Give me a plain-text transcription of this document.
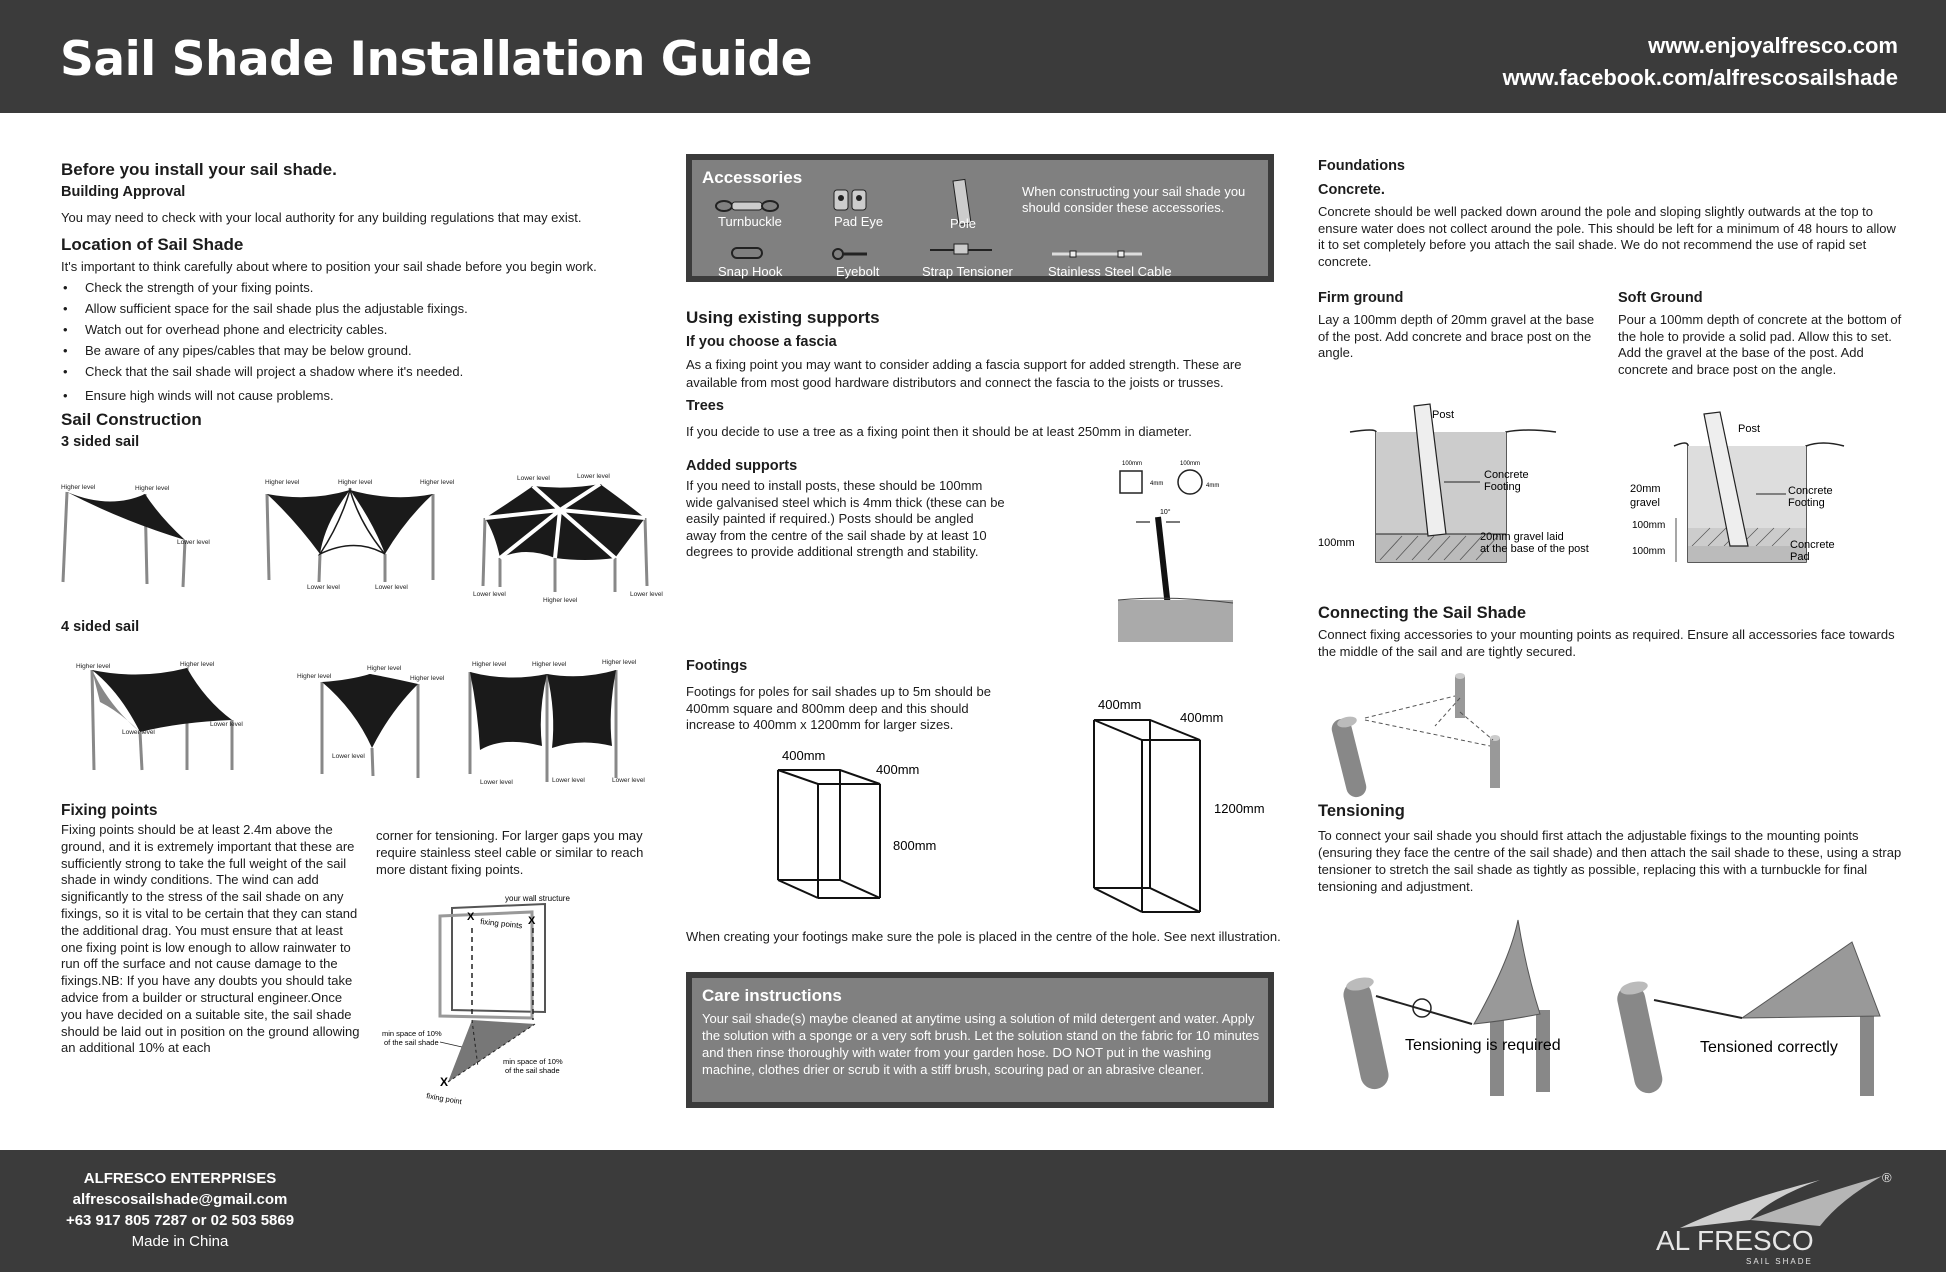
Sail Shade Installation Guide	www.enjoyalfresco.com
www.facebook.com/alfrescosailshade
Before you install your sail shade.
Building Approval
You may need to check with your local authority for any building regulations that may exist.
Location of Sail Shade
It's important to think carefully about where to position your sail shade before you begin work.
• Check the strength of your fixing points.
• Allow sufficient space for the sail shade plus the adjustable fixings.
• Watch out for overhead phone and electricity cables.
• Be aware of any pipes/cables that may be below ground.
• Check that the sail shade will project a shadow where it's needed.
• Ensure high winds will not cause problems.
Sail Construction
3 sided sail
Higher level	Higher level
Lower level
Higher level	Higher level	Higher level
Lower level	Lower level
Lower level	Lower level
Lower level
Higher level
Lower level
4 sided sail
Higher level	Higher level
Lower level
Lower level
Higher level
Higher level
Higher level
Lower level
Higher level	Higher level	Higher level
Lower level	Lower level	Lower level
Fixing points
Fixing points should be at least 2.4m above the ground, and it is extremely important that these are sufficiently strong to take the full weight of the sail shade in windy conditions. The wind can add significantly to the stress of the sail shade on any fixings, so it is vital to be certain that they can stand the additional drag. You must ensure that at least one fixing point is low enough to allow rainwater to run off the surface and not cause damage to the fixings.NB: If you have any doubts you should take advice from a builder or structural engineer.Once you have decided on a suitable site, the sail shade should be laid out in position on the ground allowing an additional 10% at each
corner for tensioning. For larger gaps you may require stainless steel cable or similar to reach more distant fixing points.
your wall structure
X	X
fixing points
min space of 10%
of the sail shade
min space of 10%
of the sail shade
X
fixing point
Accessories
When constructing your sail shade you should consider these accessories.
Turnbuckle	Pad Eye	Pole
Snap Hook	Eyebolt	Strap Tensioner	Stainless Steel Cable
Using existing supports
If you choose a fascia
As a fixing point you may want to consider adding a fascia support for added strength. These are available from most good hardware distributors and connect the fascia to the joists or trusses.
Trees
If you decide to use a tree as a fixing point then it should be at least 250mm in diameter.
Added supports
If you need to install posts, these should be 100mm wide galvanised steel which is 4mm thick (these can be easily painted if required.) Posts should be angled away from the centre of the sail shade by at least 10 degrees to provide additional strength and stability.
100mm	100mm
4mm	4mm
10°
Footings
Footings for poles for sail shades up to 5m should be 400mm square and 800mm deep and this should increase to 400mm x 1200mm for larger sizes.
400mm
400mm
800mm
400mm
400mm
1200mm
When creating your footings make sure the pole is placed in the centre of the hole. See next illustration.
Care instructions
Your sail shade(s) maybe cleaned at anytime using a solution of mild detergent and water. Apply the solution with a sponge or a very soft brush. Let the solution stand on the fabric for 10 minutes and then rinse thoroughly with water from your garden hose. DO NOT put in the washing machine, clothes drier or scrub it with a stiff brush, scouring pad or an abrasive cleaner.
Foundations
Concrete.
Concrete should be well packed down around the pole and sloping slightly outwards at the top to ensure water does not collect around the pole. This should be left for a minimum of 48 hours to allow it to set completely before you attach the sail shade. We do not recommend the use of rapid set concrete.
Firm ground
Lay a 100mm depth of 20mm gravel at the base of the post. Add concrete and brace post on the angle.
Soft Ground
Pour a 100mm depth of concrete at the bottom of the hole to provide a solid pad. Allow this to set. Add the gravel at the base of the post. Add concrete and brace post on the angle.
Post
Concrete
Footing
100mm	20mm gravel laid
at the base of the post
Post
Concrete
Footing
20mm
gravel
100mm
100mm
Concrete
Pad
Connecting the Sail Shade
Connect fixing accessories to your mounting points as required. Ensure all accessories face towards the middle of the sail and are tightly secured.
Tensioning
To connect your sail shade you should first attach the adjustable fixings to the mounting points (ensuring they face the centre of the sail shade) and then attach the sail shade to these, using a strap tensioner to stretch the sail shade as tightly as possible, replacing this with a turnbuckle for final tensioning and adjustment.
Tensioning is required	Tensioned correctly
ALFRESCO ENTERPRISES
alfrescosailshade@gmail.com
+63 917 805 7287 or 02 503 5869
Made in China	AL FRESCO
SAIL SHADE
®
